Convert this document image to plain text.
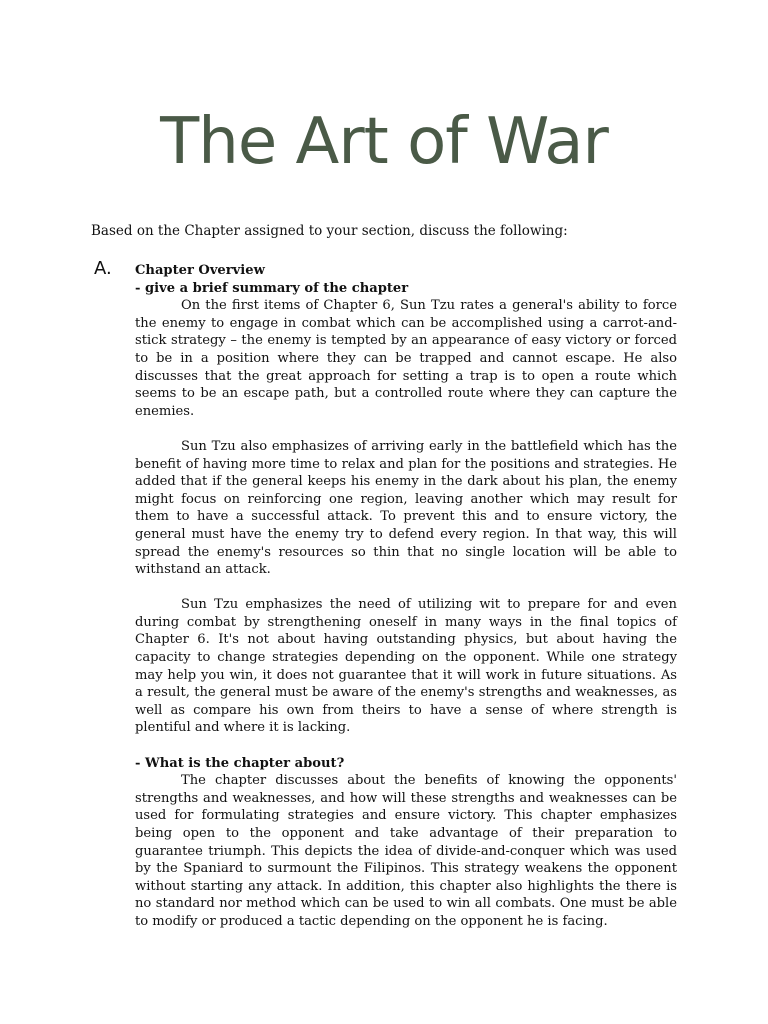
The Art of War
Based on the Chapter assigned to your section, discuss the following:
A. Chapter Overview

- give a brief summary of the chapter

On the first items of Chapter 6, Sun Tzu rates a general's ability to force the enemy to engage in combat which can be accomplished using a carrot-and-stick strategy – the enemy is tempted by an appearance of easy victory or forced to be in a position where they can be trapped and cannot escape. He also discusses that the great approach for setting a trap is to open a route which seems to be an escape path, but a controlled route where they can capture the enemies.

Sun Tzu also emphasizes of arriving early in the battlefield which has the benefit of having more time to relax and plan for the positions and strategies. He added that if the general keeps his enemy in the dark about his plan, the enemy might focus on reinforcing one region, leaving another which may result for them to have a successful attack. To prevent this and to ensure victory, the general must have the enemy try to defend every region. In that way, this will spread the enemy's resources so thin that no single location will be able to withstand an attack.

Sun Tzu emphasizes the need of utilizing wit to prepare for and even during combat by strengthening oneself in many ways in the final topics of Chapter 6. It's not about having outstanding physics, but about having the capacity to change strategies depending on the opponent. While one strategy may help you win, it does not guarantee that it will work in future situations. As a result, the general must be aware of the enemy's strengths and weaknesses, as well as compare his own from theirs to have a sense of where strength is plentiful and where it is lacking.

- What is the chapter about?

The chapter discusses about the benefits of knowing the opponents' strengths and weaknesses, and how will these strengths and weaknesses can be used for formulating strategies and ensure victory. This chapter emphasizes being open to the opponent and take advantage of their preparation to guarantee triumph. This depicts the idea of divide-and-conquer which was used by the Spaniard to surmount the Filipinos. This strategy weakens the opponent without starting any attack. In addition, this chapter also highlights the there is no standard nor method which can be used to win all combats. One must be able to modify or produced a tactic depending on the opponent he is facing.
